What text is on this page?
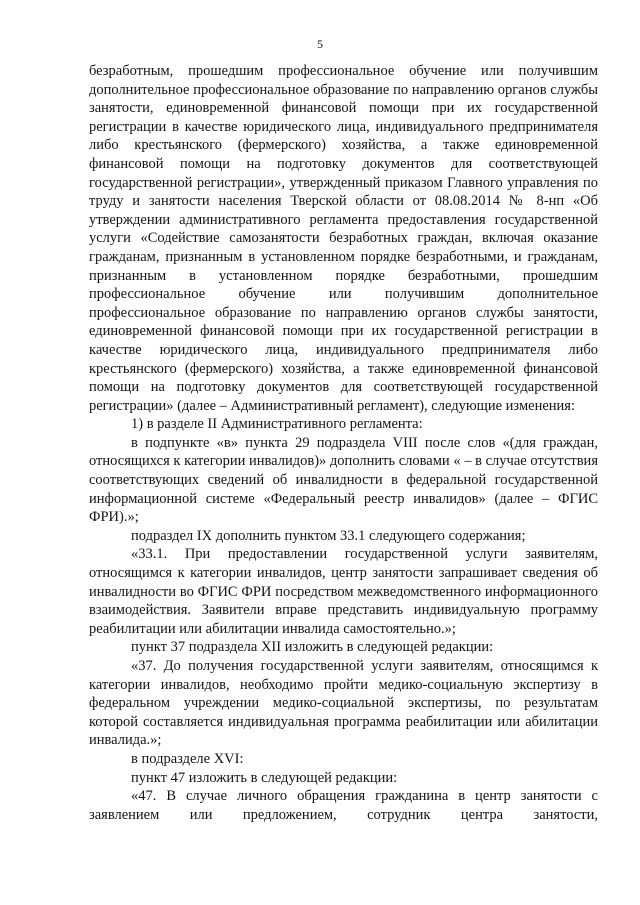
5

безработным, прошедшим профессиональное обучение или получившим дополнительное профессиональное образование по направлению органов службы занятости, единовременной финансовой помощи при их государственной регистрации в качестве юридического лица, индивидуального предпринимателя либо крестьянского (фермерского) хозяйства, а также единовременной финансовой помощи на подготовку документов для соответствующей государственной регистрации», утвержденный приказом Главного управления по труду и занятости населения Тверской области от 08.08.2014 № 8-нп «Об утверждении административного регламента предоставления государственной услуги «Содействие самозанятости безработных граждан, включая оказание гражданам, признанным в установленном порядке безработными, и гражданам, признанным в установленном порядке безработными, прошедшим профессиональное обучение или получившим дополнительное профессиональное образование по направлению органов службы занятости, единовременной финансовой помощи при их государственной регистрации в качестве юридического лица, индивидуального предпринимателя либо крестьянского (фермерского) хозяйства, а также единовременной финансовой помощи на подготовку документов для соответствующей государственной регистрации» (далее – Административный регламент), следующие изменения:

1) в разделе II Административного регламента:

в подпункте «в» пункта 29 подраздела VIII после слов «(для граждан, относящихся к категории инвалидов)» дополнить словами « – в случае отсутствия соответствующих сведений об инвалидности в федеральной государственной информационной системе «Федеральный реестр инвалидов» (далее – ФГИС ФРИ).»;

подраздел IX дополнить пунктом 33.1 следующего содержания;

«33.1. При предоставлении государственной услуги заявителям, относящимся к категории инвалидов, центр занятости запрашивает сведения об инвалидности во ФГИС ФРИ посредством межведомственного информационного взаимодействия. Заявители вправе представить индивидуальную программу реабилитации или абилитации инвалида самостоятельно.»;

пункт 37 подраздела XII изложить в следующей редакции:

«37. До получения государственной услуги заявителям, относящимся к категории инвалидов, необходимо пройти медико-социальную экспертизу в федеральном учреждении медико-социальной экспертизы, по результатам которой составляется индивидуальная программа реабилитации или абилитации инвалида.»;

в подразделе XVI:

пункт 47 изложить в следующей редакции:

«47. В случае личного обращения гражданина в центр занятости с заявлением или предложением, сотрудник центра занятости,
